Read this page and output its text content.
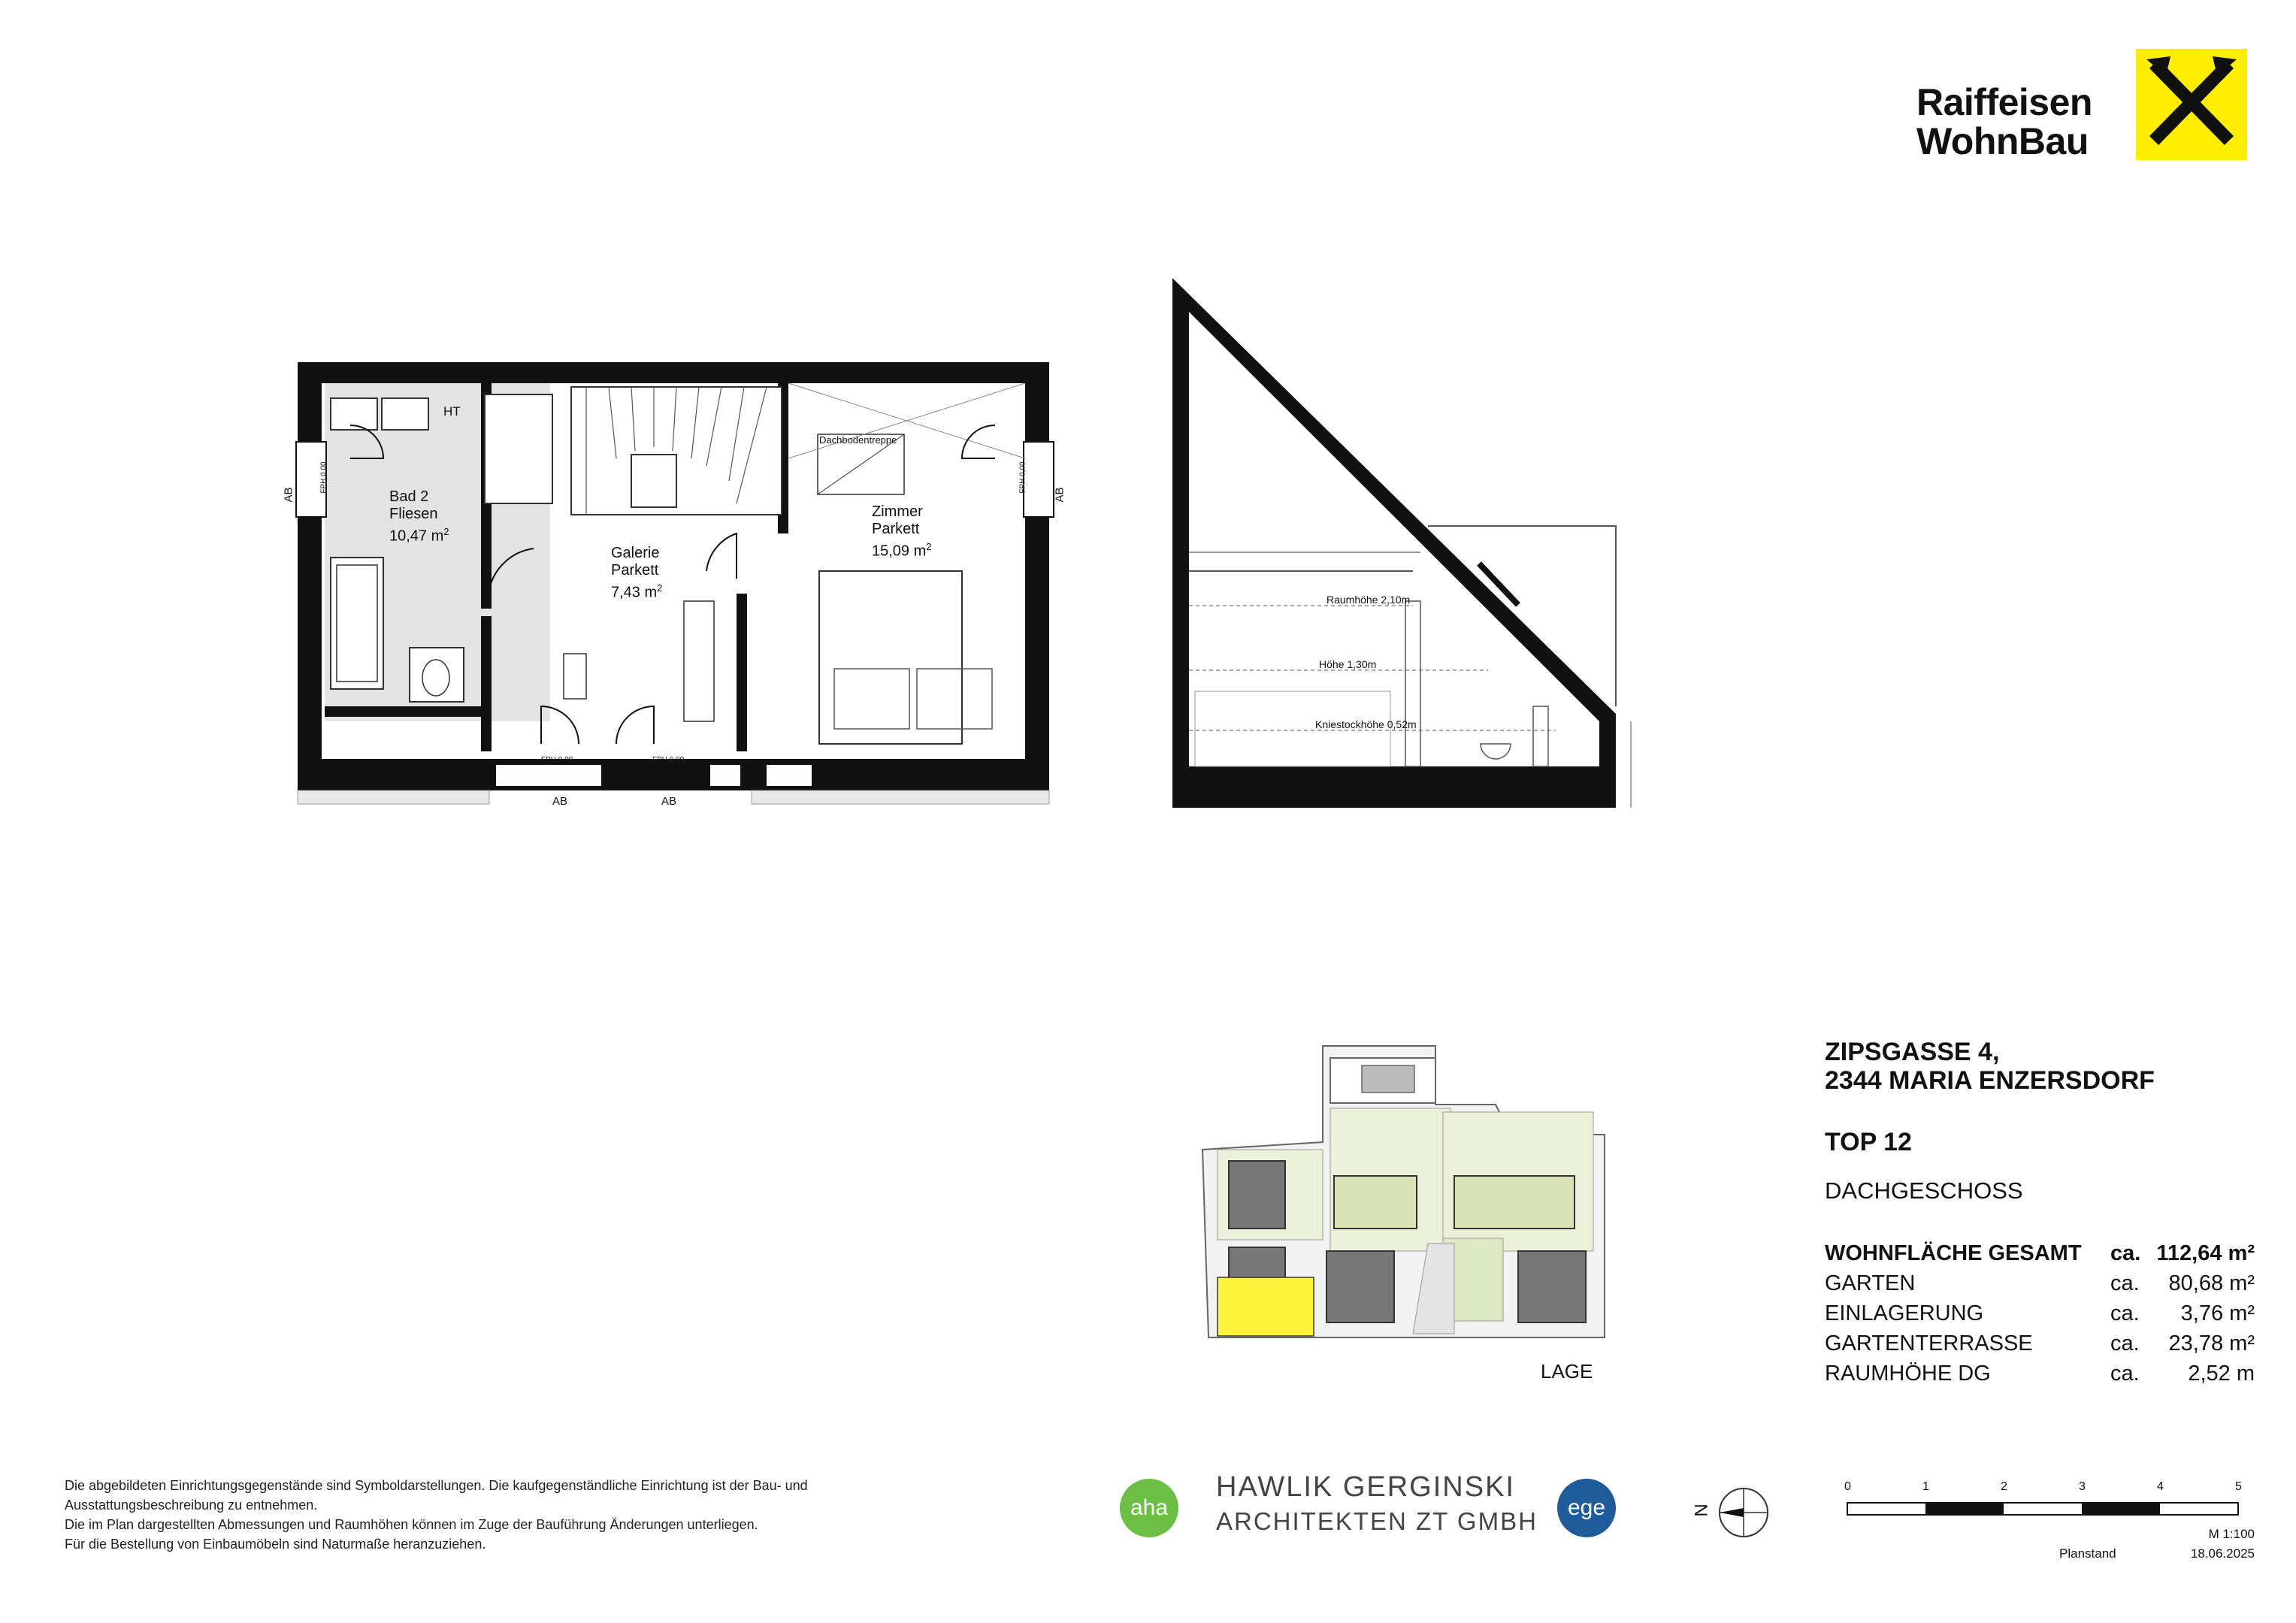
Raiffeisen
WohnBau
Bad 2
Fliesen
10,47 $m^2$
Galerie
Parkett
7,43 $m^2$
Zimmer
Parkett
15,09 $m^2$
HT
Dachbodentreppe
AB	AB
AB	AB
FPH 0,00	FPH 0,00
FPH 0,00	FPH 0,00
Raumhöhe 2,10m
Höhe 1,30m
Kniestockhöhe 0,52m
LAGE
ZIPSGASSE 4,
2344 MARIA ENZERSDORF
TOP 12
DACHGESCHOSS
WOHNFLÄCHE GESAMT ca. 112,64 m²
GARTEN	ca. 80,68 m²
EINLAGERUNG	ca. 3,76 m²
GARTENTERRASSE	ca. 23,78 m²
RAUMHÖHE DG	ca. 2,52 m
Die abgebildeten Einrichtungsgegenstände sind Symboldarstellungen. Die kaufgegenständliche Einrichtung ist der Bau- und
Ausstattungsbeschreibung zu entnehmen.
Die im Plan dargestellten Abmessungen und Raumhöhen können im Zuge der Bauführung Änderungen unterliegen.
Für die Bestellung von Einbaumöbeln sind Naturmaße heranzuziehen.
aha
HAWLIK GERGINSKI
ARCHITEKTEN ZT GMBH	ege	N
0	1	2	3	4	5
M 1:100
Planstand	18.06.2025
